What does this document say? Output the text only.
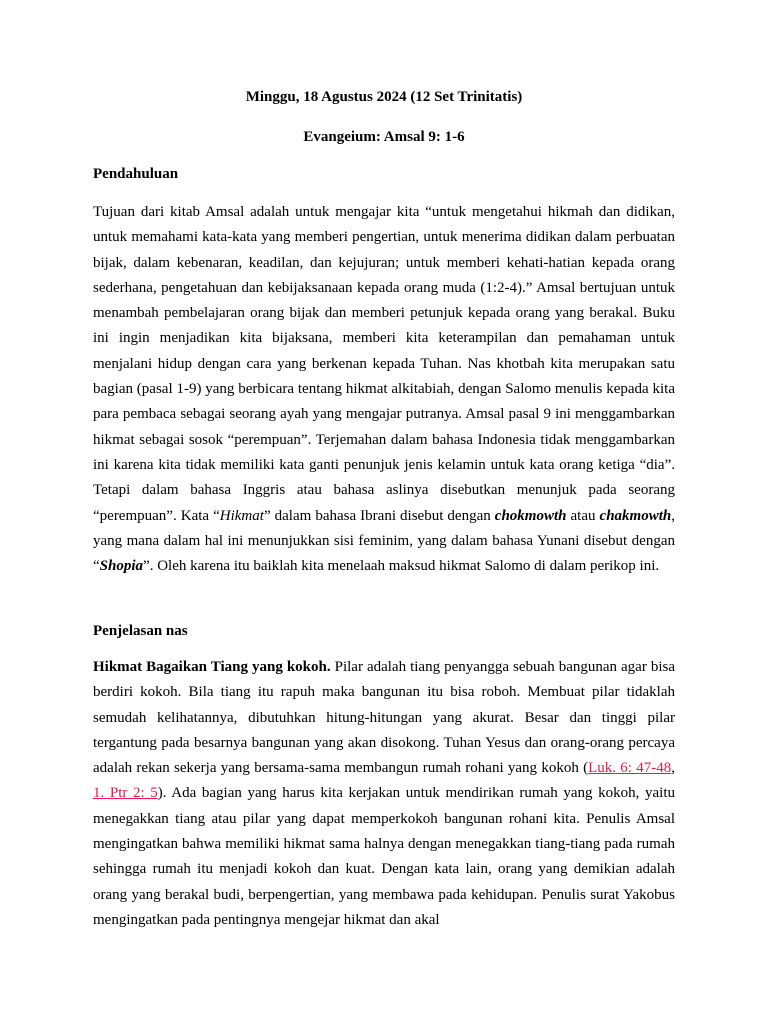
Minggu, 18 Agustus 2024 (12 Set Trinitatis)
Evangeium: Amsal 9: 1-6
Pendahuluan
Tujuan dari kitab Amsal adalah untuk mengajar kita “untuk mengetahui hikmah dan didikan, untuk memahami kata-kata yang memberi pengertian, untuk menerima didikan dalam perbuatan bijak, dalam kebenaran, keadilan, dan kejujuran; untuk memberi kehati-hatian kepada orang sederhana, pengetahuan dan kebijaksanaan kepada orang muda (1:2-4).” Amsal bertujuan untuk menambah pembelajaran orang bijak dan memberi petunjuk kepada orang yang berakal. Buku ini ingin menjadikan kita bijaksana, memberi kita keterampilan dan pemahaman untuk menjalani hidup dengan cara yang berkenan kepada Tuhan. Nas khotbah kita merupakan satu bagian (pasal 1-9) yang berbicara tentang hikmat alkitabiah, dengan Salomo menulis kepada kita para pembaca sebagai seorang ayah yang mengajar putranya. Amsal pasal 9 ini menggambarkan hikmat sebagai sosok “perempuan”. Terjemahan dalam bahasa Indonesia tidak menggambarkan ini karena kita tidak memiliki kata ganti penunjuk jenis kelamin untuk kata orang ketiga “dia”. Tetapi dalam bahasa Inggris atau bahasa aslinya disebutkan menunjuk pada seorang “perempuan”. Kata “Hikmat” dalam bahasa Ibrani disebut dengan chokmowth atau chakmowth, yang mana dalam hal ini menunjukkan sisi feminim, yang dalam bahasa Yunani disebut dengan “Shopia”. Oleh karena itu baiklah kita menelaah maksud hikmat Salomo di dalam perikop ini.
Penjelasan nas
Hikmat Bagaikan Tiang yang kokoh. Pilar adalah tiang penyangga sebuah bangunan agar bisa berdiri kokoh. Bila tiang itu rapuh maka bangunan itu bisa roboh. Membuat pilar tidaklah semudah kelihatannya, dibutuhkan hitung-hitungan yang akurat. Besar dan tinggi pilar tergantung pada besarnya bangunan yang akan disokong. Tuhan Yesus dan orang-orang percaya adalah rekan sekerja yang bersama-sama membangun rumah rohani yang kokoh (Luk. 6: 47-48, 1. Ptr 2: 5). Ada bagian yang harus kita kerjakan untuk mendirikan rumah yang kokoh, yaitu menegakkan tiang atau pilar yang dapat memperkokoh bangunan rohani kita. Penulis Amsal mengingatkan bahwa memiliki hikmat sama halnya dengan menegakkan tiang-tiang pada rumah sehingga rumah itu menjadi kokoh dan kuat. Dengan kata lain, orang yang demikian adalah orang yang berakal budi, berpengertian, yang membawa pada kehidupan. Penulis surat Yakobus mengingatkan pada pentingnya mengejar hikmat dan akal
